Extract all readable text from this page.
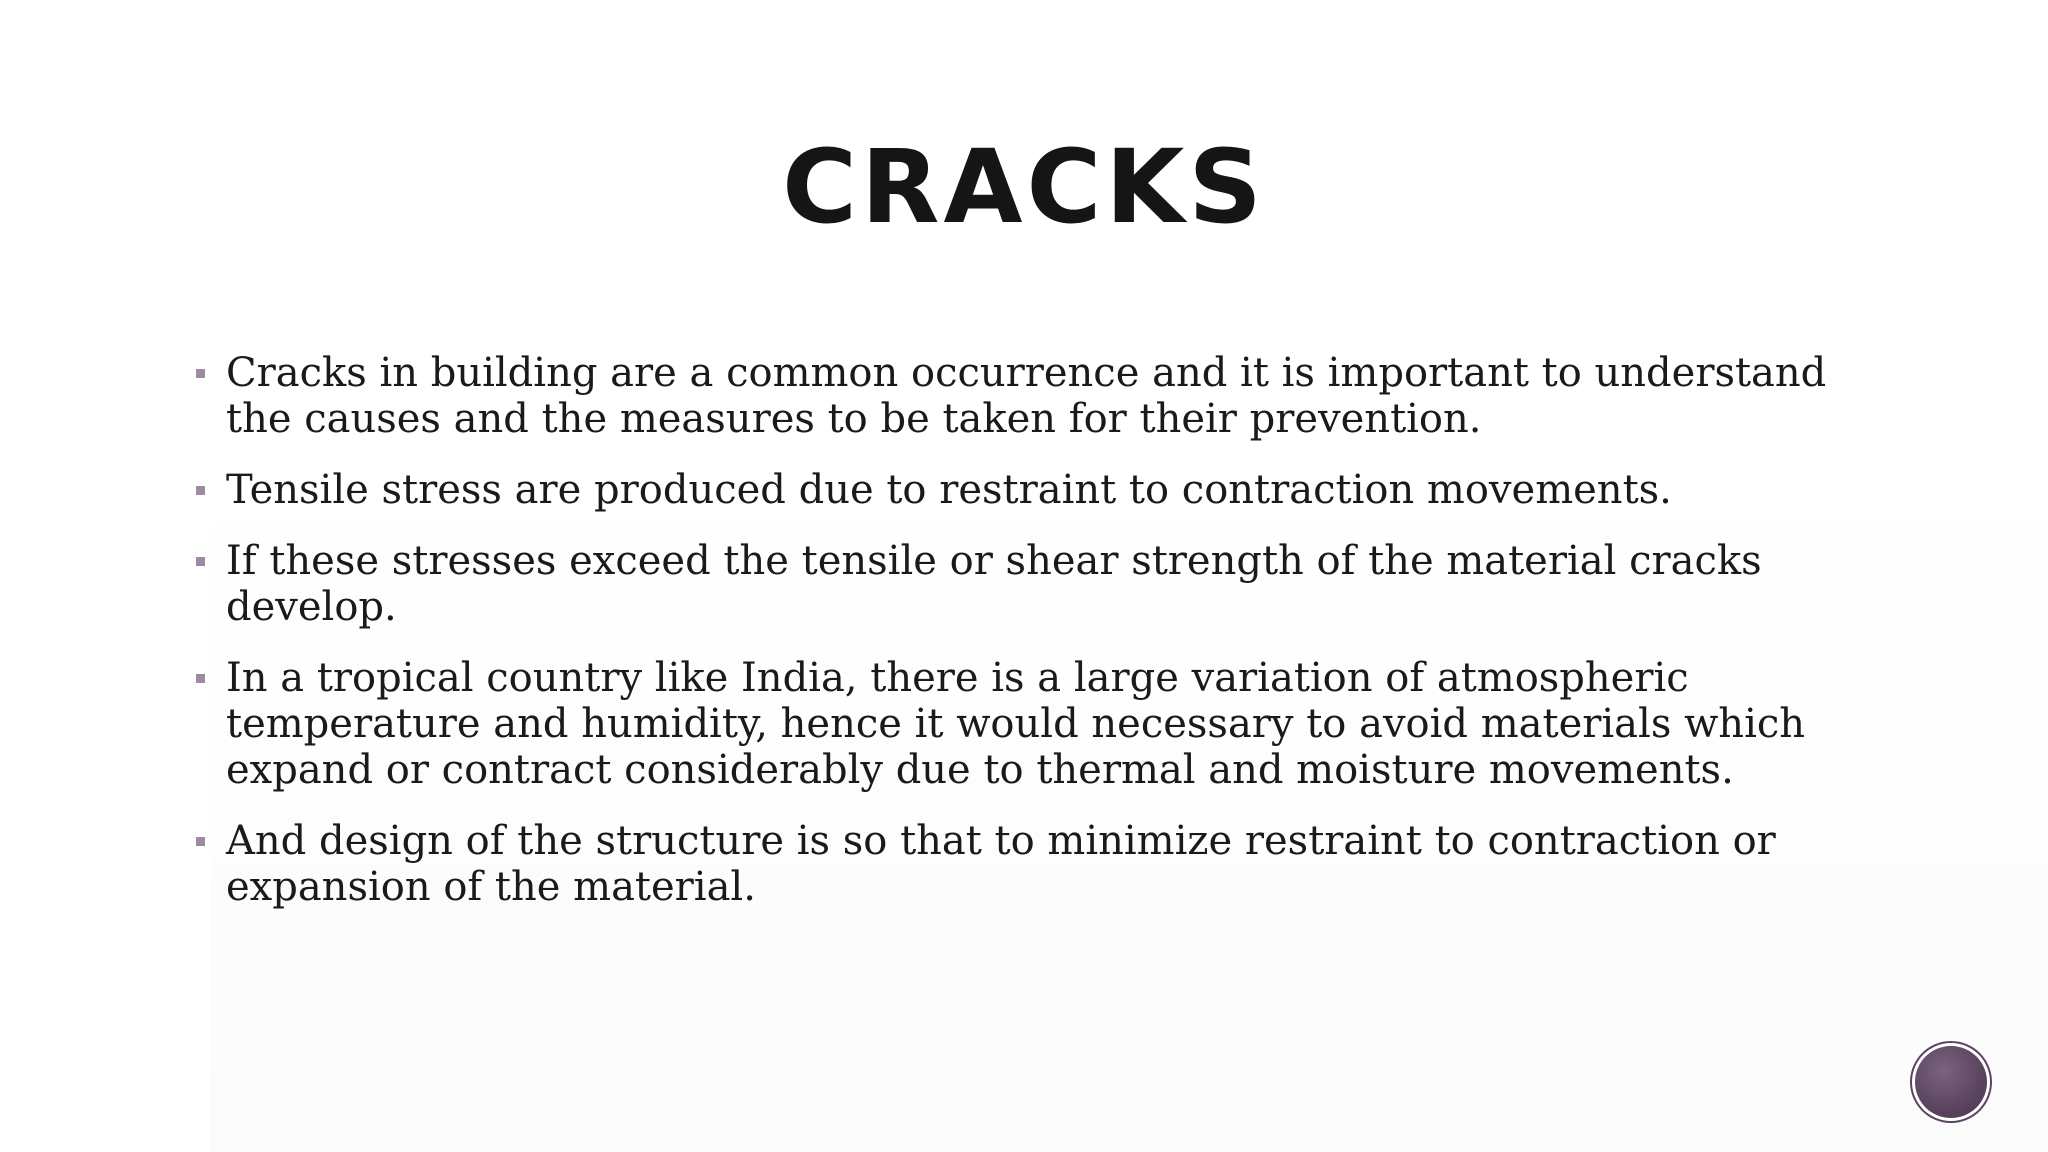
CRACKS
Cracks in building are a common occurrence and it is important to understand the causes and the measures to be taken for their prevention.
Tensile stress are produced due to restraint to contraction movements.
If these stresses exceed the tensile or shear strength of the material cracks develop.
In a tropical country like India, there is a large variation of atmospheric temperature and humidity, hence it would necessary to avoid materials which expand or contract considerably due to thermal and moisture movements.
And design of the structure is so that to minimize restraint to contraction or expansion of the material.
